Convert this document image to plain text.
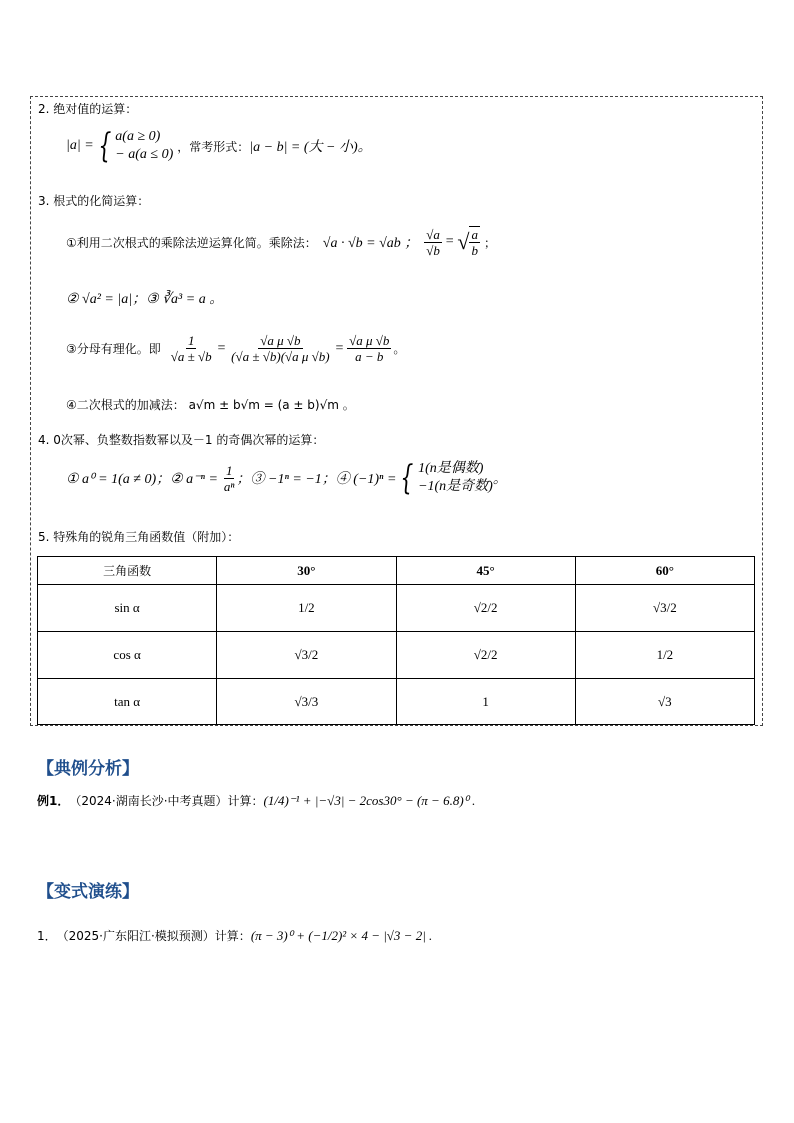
2. 绝对值的运算：
|a| = { a(a ≥ 0)
− a(a ≤ 0)
，常考形式： |a − b| = (大 − 小)。
3. 根式的化简运算：
①利用二次根式的乘除法逆运算化简。乘除法： √a · √b = √ab ； $\frac{√a}{√b}$ = √ $\frac{a}{b}$ ；
② √a² = |a|；③ ∛a³ = a 。
③分母有理化。即 $\frac{1}{√a \pm √b} = \frac{\text{√a μ √b}}{\text{(√a ± √b)(√a μ √b)}} = \frac{\text{√a μ √b}}{a - b}$ 。
④二次根式的加减法： a√m ± b√m = (a ± b)√m 。
4. 0次幂、负整数指数幂以及－1 的奇偶次幂的运算：
① a⁰ = 1(a ≠ 0)；② $a^{-n} = \frac{1}{\text{aⁿ}}$ ；③ −1ⁿ = −1；④ (−1)ⁿ = { 1(n是偶数)
−1(n是奇数) 。
5. 特殊角的锐角三角函数值（附加）：
三角函数	30°	45°	60°
sin α	1/2	√2/2	√3/2
cos α	√3/2	√2/2	1/2
tan α	√3/3	1	√3
【典例分析】
例1． （2024·湖南长沙·中考真题）计算： (1/4)⁻¹ + |−√3| − 2cos30° − (π − 6.8)⁰ .
【变式演练】
1． （2025·广东阳江·模拟预测）计算： (π − 3)⁰ + (−1/2)² × 4 − |√3 − 2| .
